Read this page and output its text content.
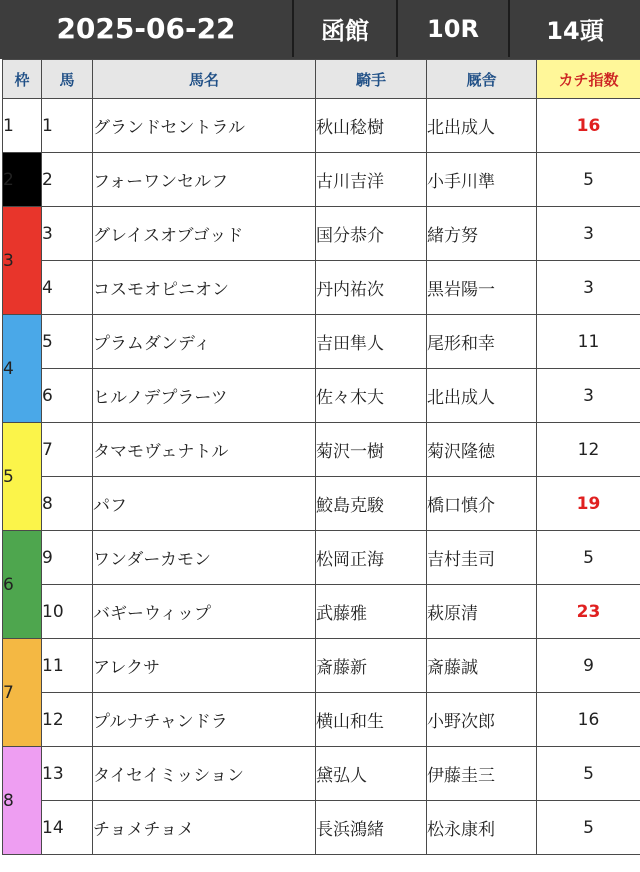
2025-06-22	函館	10R	14頭
枠	馬	馬名	騎手	厩舎	カチ指数
1	1	グランドセントラル	秋山稔樹	北出成人	16
2	2	フォーワンセルフ	古川吉洋	小手川準	5
3	3	グレイスオブゴッド	国分恭介	緒方努	3
	4	コスモオピニオン	丹内祐次	黒岩陽一	3
4	5	プラムダンディ	吉田隼人	尾形和幸	11
	6	ヒルノデプラーツ	佐々木大	北出成人	3
5	7	タマモヴェナトル	菊沢一樹	菊沢隆徳	12
	8	パフ	鮫島克駿	橋口慎介	19
6	9	ワンダーカモン	松岡正海	吉村圭司	5
	10	バギーウィップ	武藤雅	萩原清	23
7	11	アレクサ	斎藤新	斎藤誠	9
	12	プルナチャンドラ	横山和生	小野次郎	16
8	13	タイセイミッション	黛弘人	伊藤圭三	5
	14	チョメチョメ	長浜鴻緒	松永康利	5
